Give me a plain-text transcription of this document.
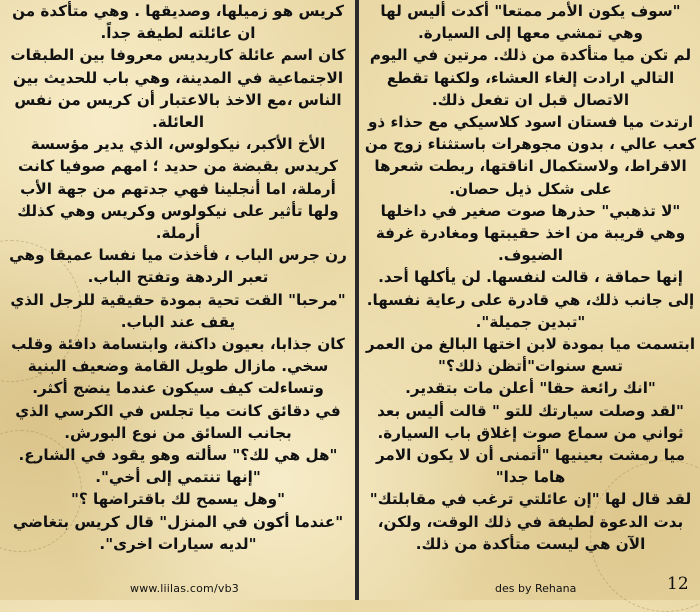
"سوف يكون الأمر ممتعا" أكدت أليس لها وهي تمشي معها إلى السيارة.

لم تكن ميا متأكدة من ذلك. مرتين في اليوم التالي ارادت إلغاء العشاء، ولكنها تقطع الاتصال قبل ان تفعل ذلك.

ارتدت ميا فستان اسود كلاسيكي مع حذاء ذو كعب عالي ، بدون مجوهرات باستثناء زوج من الاقراط، ولاستكمال اناقتها، ربطت شعرها على شكل ذيل حصان.

"لا تذهبي" حذرها صوت صغير في داخلها وهي قريبة من اخذ حقيبتها ومغادرة غرفة الضيوف.

إنها حماقة ، قالت لنفسها. لن يأكلها أحد. إلى جانب ذلك، هي قادرة على رعاية نفسها.

"تبدين جميلة".

ابتسمت ميا بمودة لابن اختها البالغ من العمر تسع سنوات"أتظن ذلك؟"

"انك رائعة حقا" أعلن مات بتقدير.

"لقد وصلت سيارتك للتو " قالت أليس بعد ثواني من سماع صوت إغلاق باب السيارة.

ميا رمشت بعينيها "أتمنى أن لا يكون الامر هاما جدا"

لقد قال لها "إن عائلتي ترغب في مقابلتك" بدت الدعوة لطيفة في ذلك الوقت، ولكن، الآن هي ليست متأكدة من ذلك.

كريس هو زميلها، وصديقها . وهي متأكدة من ان عائلته لطيفة جداً.

كان اسم عائلة كاريديس معروفا بين الطبقات الاجتماعية في المدينة، وهي باب للحديث بين الناس ،مع الاخذ بالاعتبار أن كريس من نفس العائلة.

الأخ الأكبر، نيكولوس، الذي يدير مؤسسة كريدس بقبضة من حديد ؛ امهم صوفيا كانت أرملة، اما أنجلينا فهي جدتهم من جهة الأب ولها تأثير على نيكولوس وكريس وهي كذلك أرملة.

رن جرس الباب ، فأخذت ميا نفسا عميقا وهي تعبر الردهة وتفتح الباب.

"مرحبا" القت تحية بمودة حقيقية للرجل الذي يقف عند الباب.

كان جذابا، بعيون داكنة، وابتسامة دافئة وقلب سخي. مازال طويل القامة وضعيف البنية وتساءلت كيف سيكون عندما ينضج أكثر.

في دقائق كانت ميا تجلس في الكرسي الذي بجانب السائق من نوع البورش.

"هل هي لك؟" سألته وهو يقود في الشارع.

"إنها تنتمي إلى أخي".

"وهل يسمح لك باقتراضها ؟"

"عندما أكون في المنزل" قال كريس بتغاضي "لديه سيارات اخرى".

www.liilas.com/vb3	des by Rehana	12
